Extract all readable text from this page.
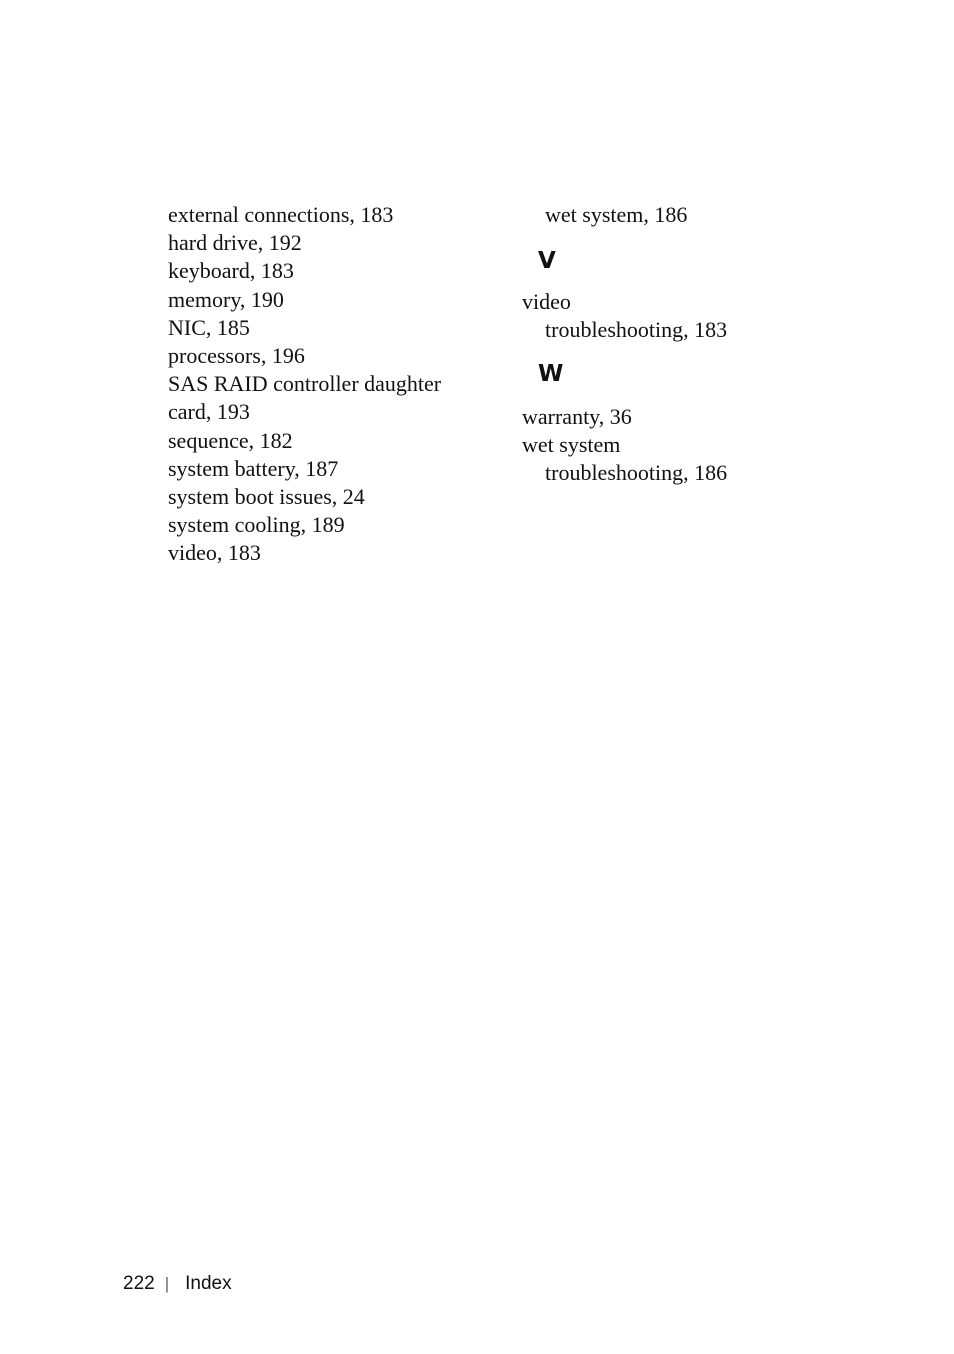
external connections, 183
hard drive, 192
keyboard, 183
memory, 190
NIC, 185
processors, 196
SAS RAID controller daughter
card, 193
sequence, 182
system battery, 187
system boot issues, 24
system cooling, 189
video, 183
wet system, 186
V
video
troubleshooting, 183
W
warranty, 36
wet system
troubleshooting, 186
222 | Index
